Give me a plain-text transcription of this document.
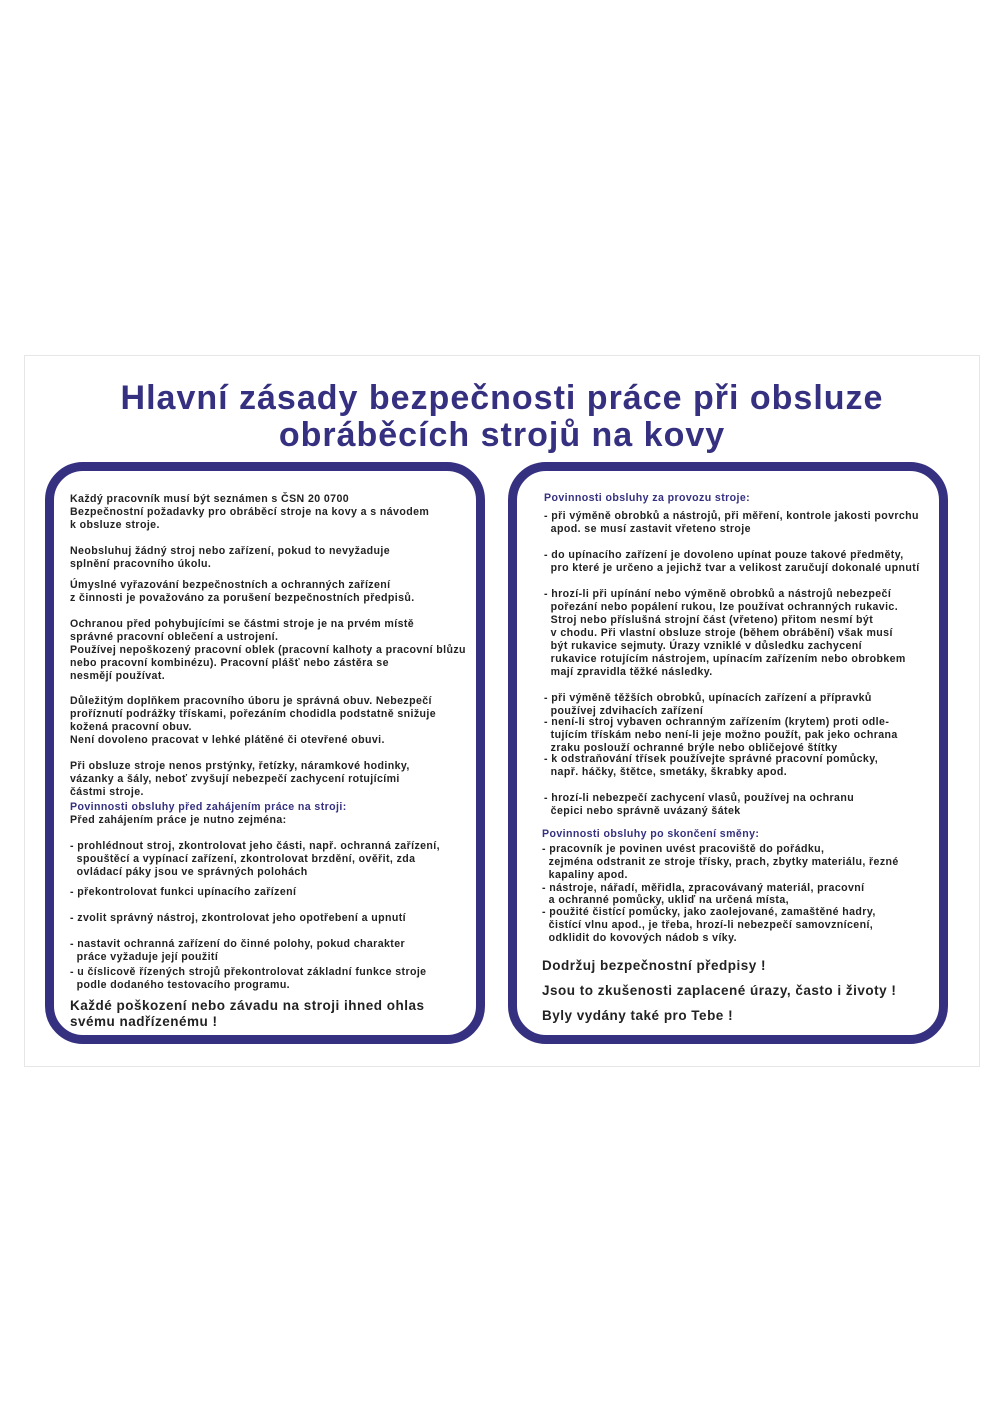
Hlavní zásady bezpečnosti práce při obsluze
obráběcích strojů na kovy
Každý pracovník musí být seznámen s ČSN 20 0700
Bezpečnostní požadavky pro obráběcí stroje na kovy a s návodem
k obsluze stroje.
Neobsluhuj žádný stroj nebo zařízení, pokud to nevyžaduje
splnění pracovního úkolu.
Úmyslné vyřazování bezpečnostních a ochranných zařízení
z činnosti je považováno za porušení bezpečnostních předpisů.
Ochranou před pohybujícími se částmi stroje je na prvém místě
správné pracovní oblečení a ustrojení.
Používej nepoškozený pracovní oblek (pracovní kalhoty a pracovní blůzu
nebo pracovní kombinézu). Pracovní plášť nebo zástěra se
nesmějí používat.
Důležitým doplňkem pracovního úboru je správná obuv. Nebezpečí
proříznutí podrážky třískami, pořezáním chodidla podstatně snižuje
kožená pracovní obuv.
Není dovoleno pracovat v lehké plátěné či otevřené obuvi.
Při obsluze stroje nenos prstýnky, řetízky, náramkové hodinky,
vázanky a šály, neboť zvyšují nebezpečí zachycení rotujícími
částmi stroje.
Povinnosti obsluhy před zahájením práce na stroji:
Před zahájením práce je nutno zejména:
- prohlédnout stroj, zkontrolovat jeho části, např. ochranná zařízení,
spouštěcí a vypínací zařízení, zkontrolovat brzdění, ověřit, zda
ovládací páky jsou ve správných polohách
- překontrolovat funkci upínacího zařízení
- zvolit správný nástroj, zkontrolovat jeho opotřebení a upnutí
- nastavit ochranná zařízení do činné polohy, pokud charakter
práce vyžaduje její použití
- u číslicově řízených strojů překontrolovat základní funkce stroje
podle dodaného testovacího programu.
Každé poškození nebo závadu na stroji ihned ohlas
svému nadřízenému !
Povinnosti obsluhy za provozu stroje:
- při výměně obrobků a nástrojů, při měření, kontrole jakosti povrchu
apod. se musí zastavit vřeteno stroje
- do upínacího zařízení je dovoleno upínat pouze takové předměty,
pro které je určeno a jejichž tvar a velikost zaručují dokonalé upnutí
- hrozí-li při upínání nebo výměně obrobků a nástrojů nebezpečí
pořezání nebo popálení rukou, lze používat ochranných rukavic.
Stroj nebo příslušná strojní část (vřeteno) přitom nesmí být
v chodu. Při vlastní obsluze stroje (během obrábění) však musí
být rukavice sejmuty. Úrazy vzniklé v důsledku zachycení
rukavice rotujícím nástrojem, upínacím zařízením nebo obrobkem
mají zpravidla těžké následky.
- při výměně těžších obrobků, upínacích zařízení a přípravků
používej zdvihacích zařízení
- není-li stroj vybaven ochranným zařízením (krytem) proti odle-
tujícím třískám nebo není-li jeje možno použít, pak jeko ochrana
zraku poslouží ochranné brýle nebo obličejové štítky
- k odstraňování třísek používejte správné pracovní pomůcky,
např. háčky, štětce, smetáky, škrabky apod.
- hrozí-li nebezpečí zachycení vlasů, používej na ochranu
čepici nebo správně uvázaný šátek
Povinnosti obsluhy po skončení směny:
- pracovník je povinen uvést pracoviště do pořádku,
zejména odstranit ze stroje třísky, prach, zbytky materiálu, řezné
kapaliny apod.
- nástroje, nářadí, měřidla, zpracovávaný materiál, pracovní
a ochranné pomůcky, ukliď na určená místa,
- použité čistící pomůcky, jako zaolejované, zamaštěné hadry,
čistící vlnu apod., je třeba, hrozí-li nebezpečí samovznícení,
odklidit do kovových nádob s víky.
Dodržuj bezpečnostní předpisy !
Jsou to zkušenosti zaplacené úrazy, často i životy !
Byly vydány také pro Tebe !
